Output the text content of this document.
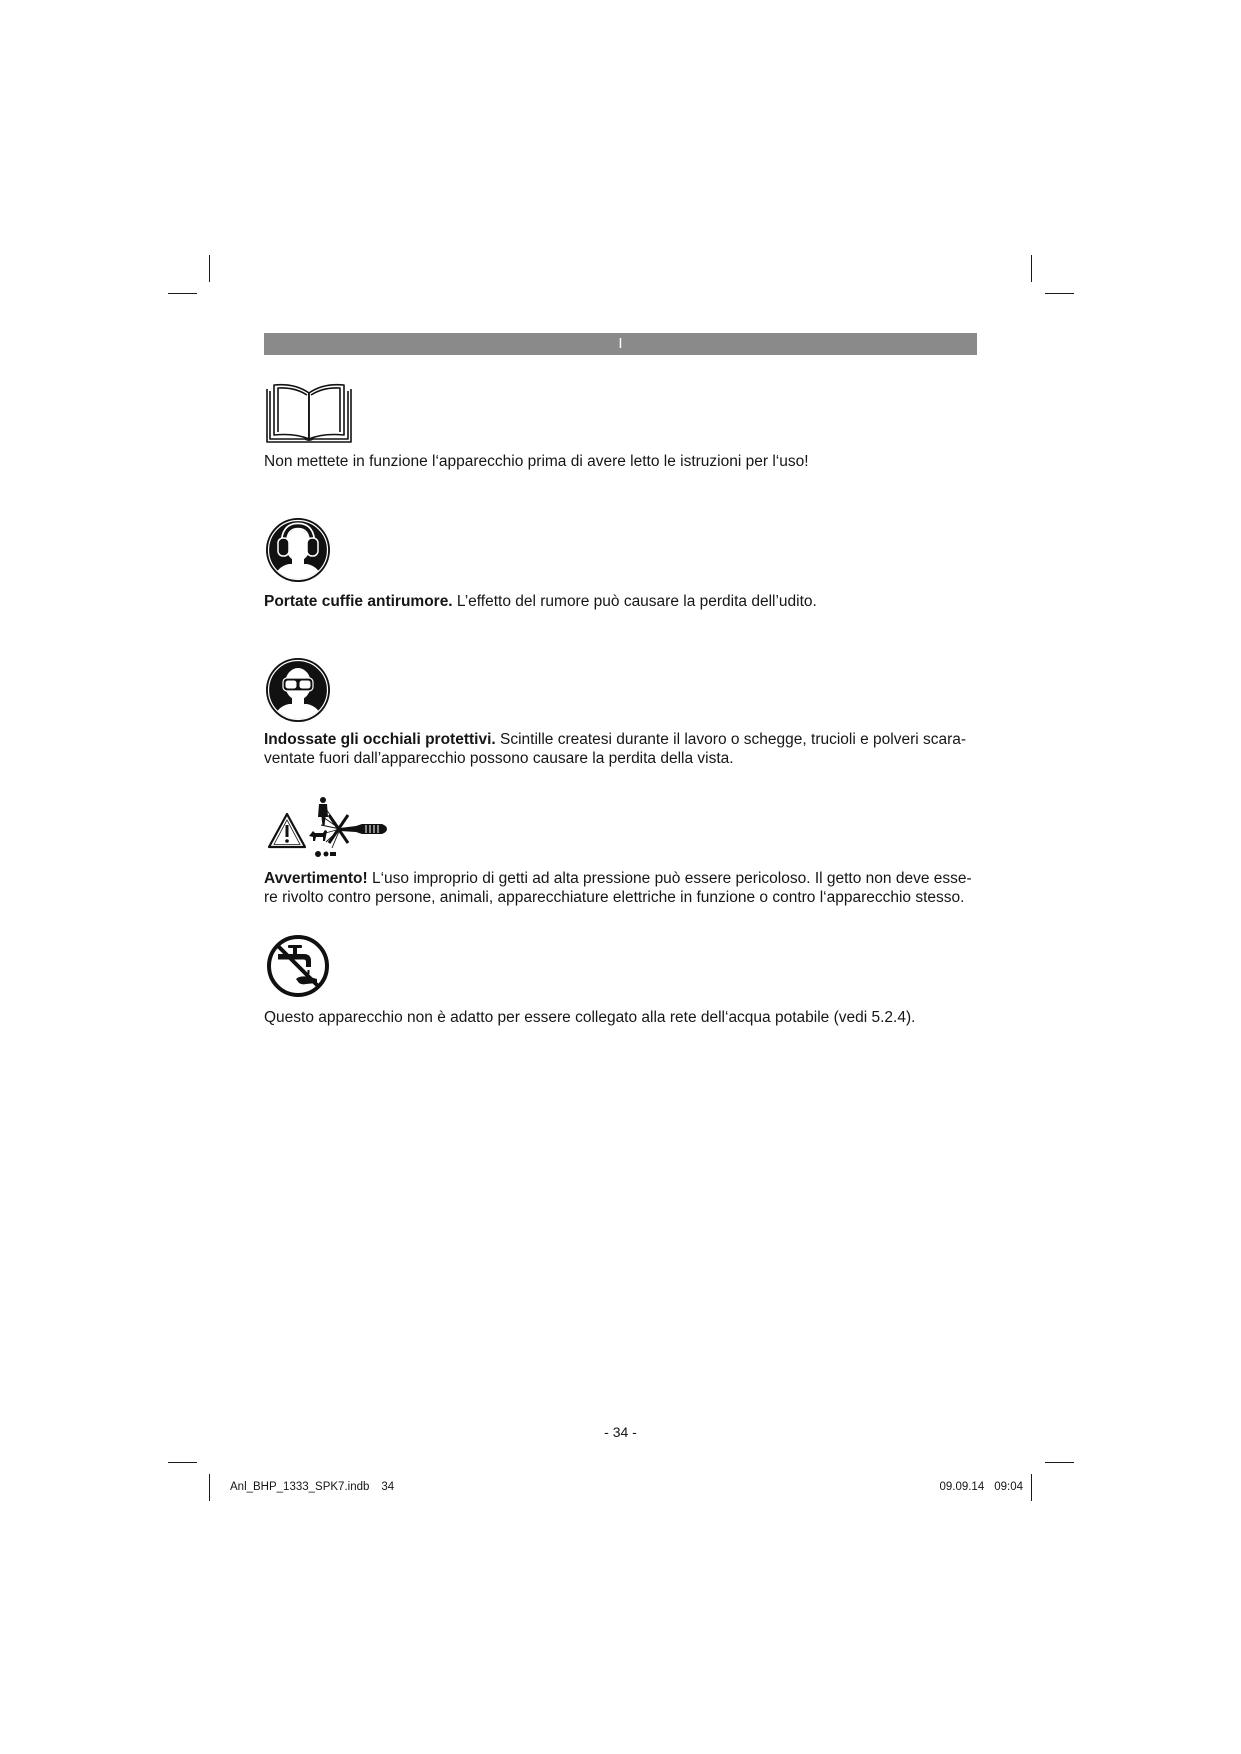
I

Non mettete in funzione l‘apparecchio prima di avere letto le istruzioni per l‘uso!

Portate cuffie antirumore. L’effetto del rumore può causare la perdita dell’udito.

Indossate gli occhiali protettivi. Scintille createsi durante il lavoro o schegge, trucioli e polveri scara-

ventate fuori dall’apparecchio possono causare la perdita della vista.

Avvertimento! L‘uso improprio di getti ad alta pressione può essere pericoloso. Il getto non deve esse-

re rivolto contro persone, animali, apparecchiature elettriche in funzione o contro l‘apparecchio stesso.

Questo apparecchio non è adatto per essere collegato alla rete dell‘acqua potabile (vedi 5.2.4).

- 34 -
Anl_BHP_1333_SPK7.indb 34	09.09.14 09:04
